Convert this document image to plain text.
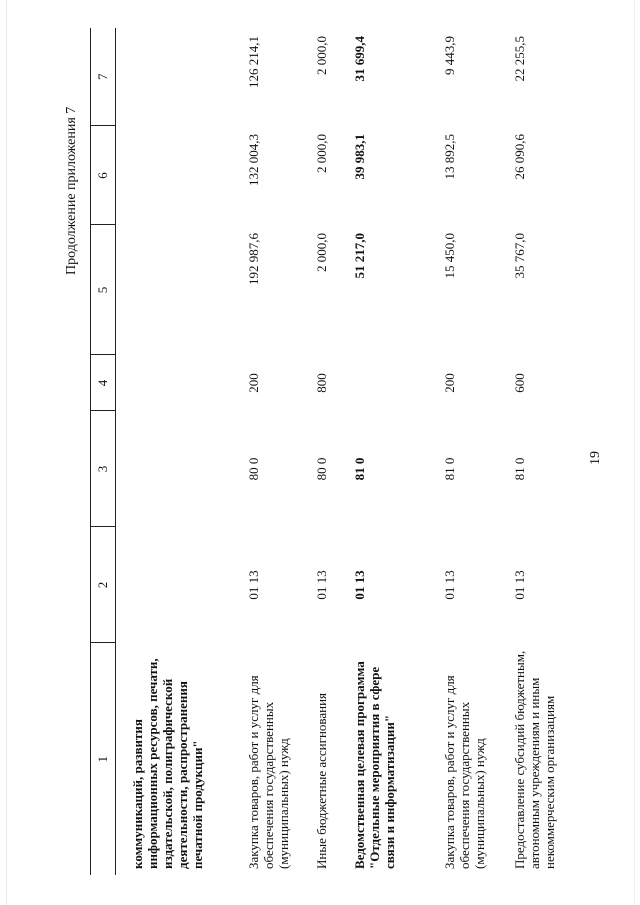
19
Продолжение приложения 7
1	2	3	4	5	6	7
коммуникаций, развития информационных ресурсов, печати, издательской, полиграфической деятельности, распространения печатной продукции"						
Закупка товаров, работ и услуг для обеспечения государственных (муниципальных) нужд	01 13	80 0	200	192 987,6	132 004,3	126 214,1
Иные бюджетные ассигнования	01 13	80 0	800	2 000,0	2 000,0	2 000,0
Ведомственная целевая программа "Отдельные мероприятия в сфере связи и информатизации"	01 13	81 0		51 217,0	39 983,1	31 699,4
Закупка товаров, работ и услуг для обеспечения государственных (муниципальных) нужд	01 13	81 0	200	15 450,0	13 892,5	9 443,9
Предоставление субсидий бюджетным, автономным учреждениям и иным некоммерческим организациям	01 13	81 0	600	35 767,0	26 090,6	22 255,5
